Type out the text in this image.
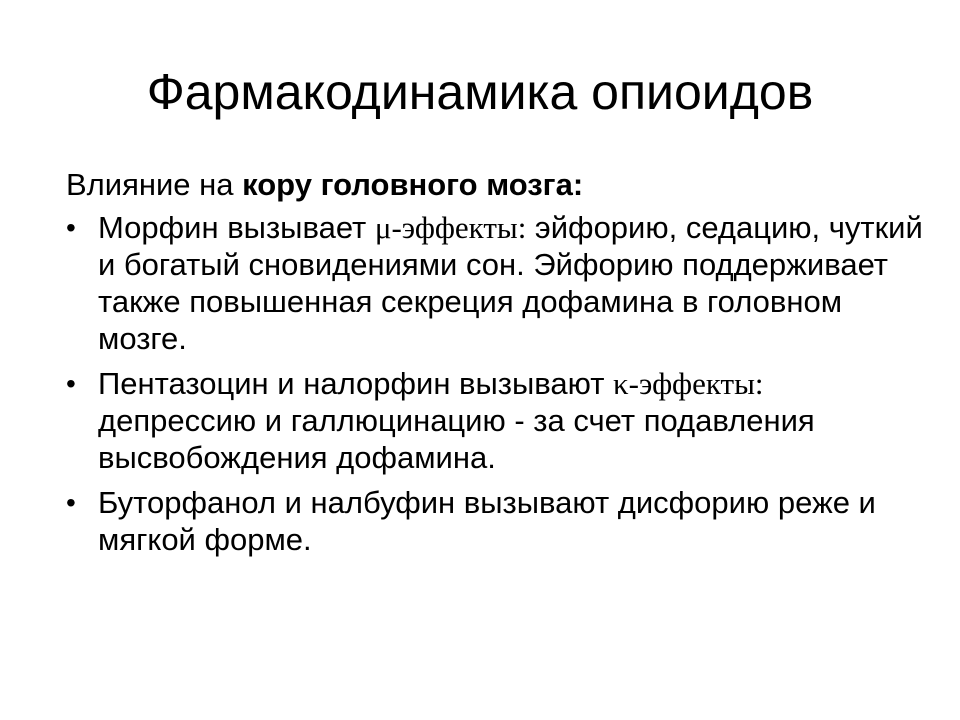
Фармакодинамика опиоидов

Влияние на кору головного мозга:

• Морфин вызывает μ-эффекты: эйфорию, седацию, чуткий и богатый сновидениями сон. Эйфорию поддерживает также повышенная секреция дофамина в головном мозге.
• Пентазоцин и налорфин вызывают κ-эффекты: депрессию и галлюцинацию - за счет подавления высвобождения дофамина.
• Буторфанол и налбуфин вызывают дисфорию реже и мягкой форме.
